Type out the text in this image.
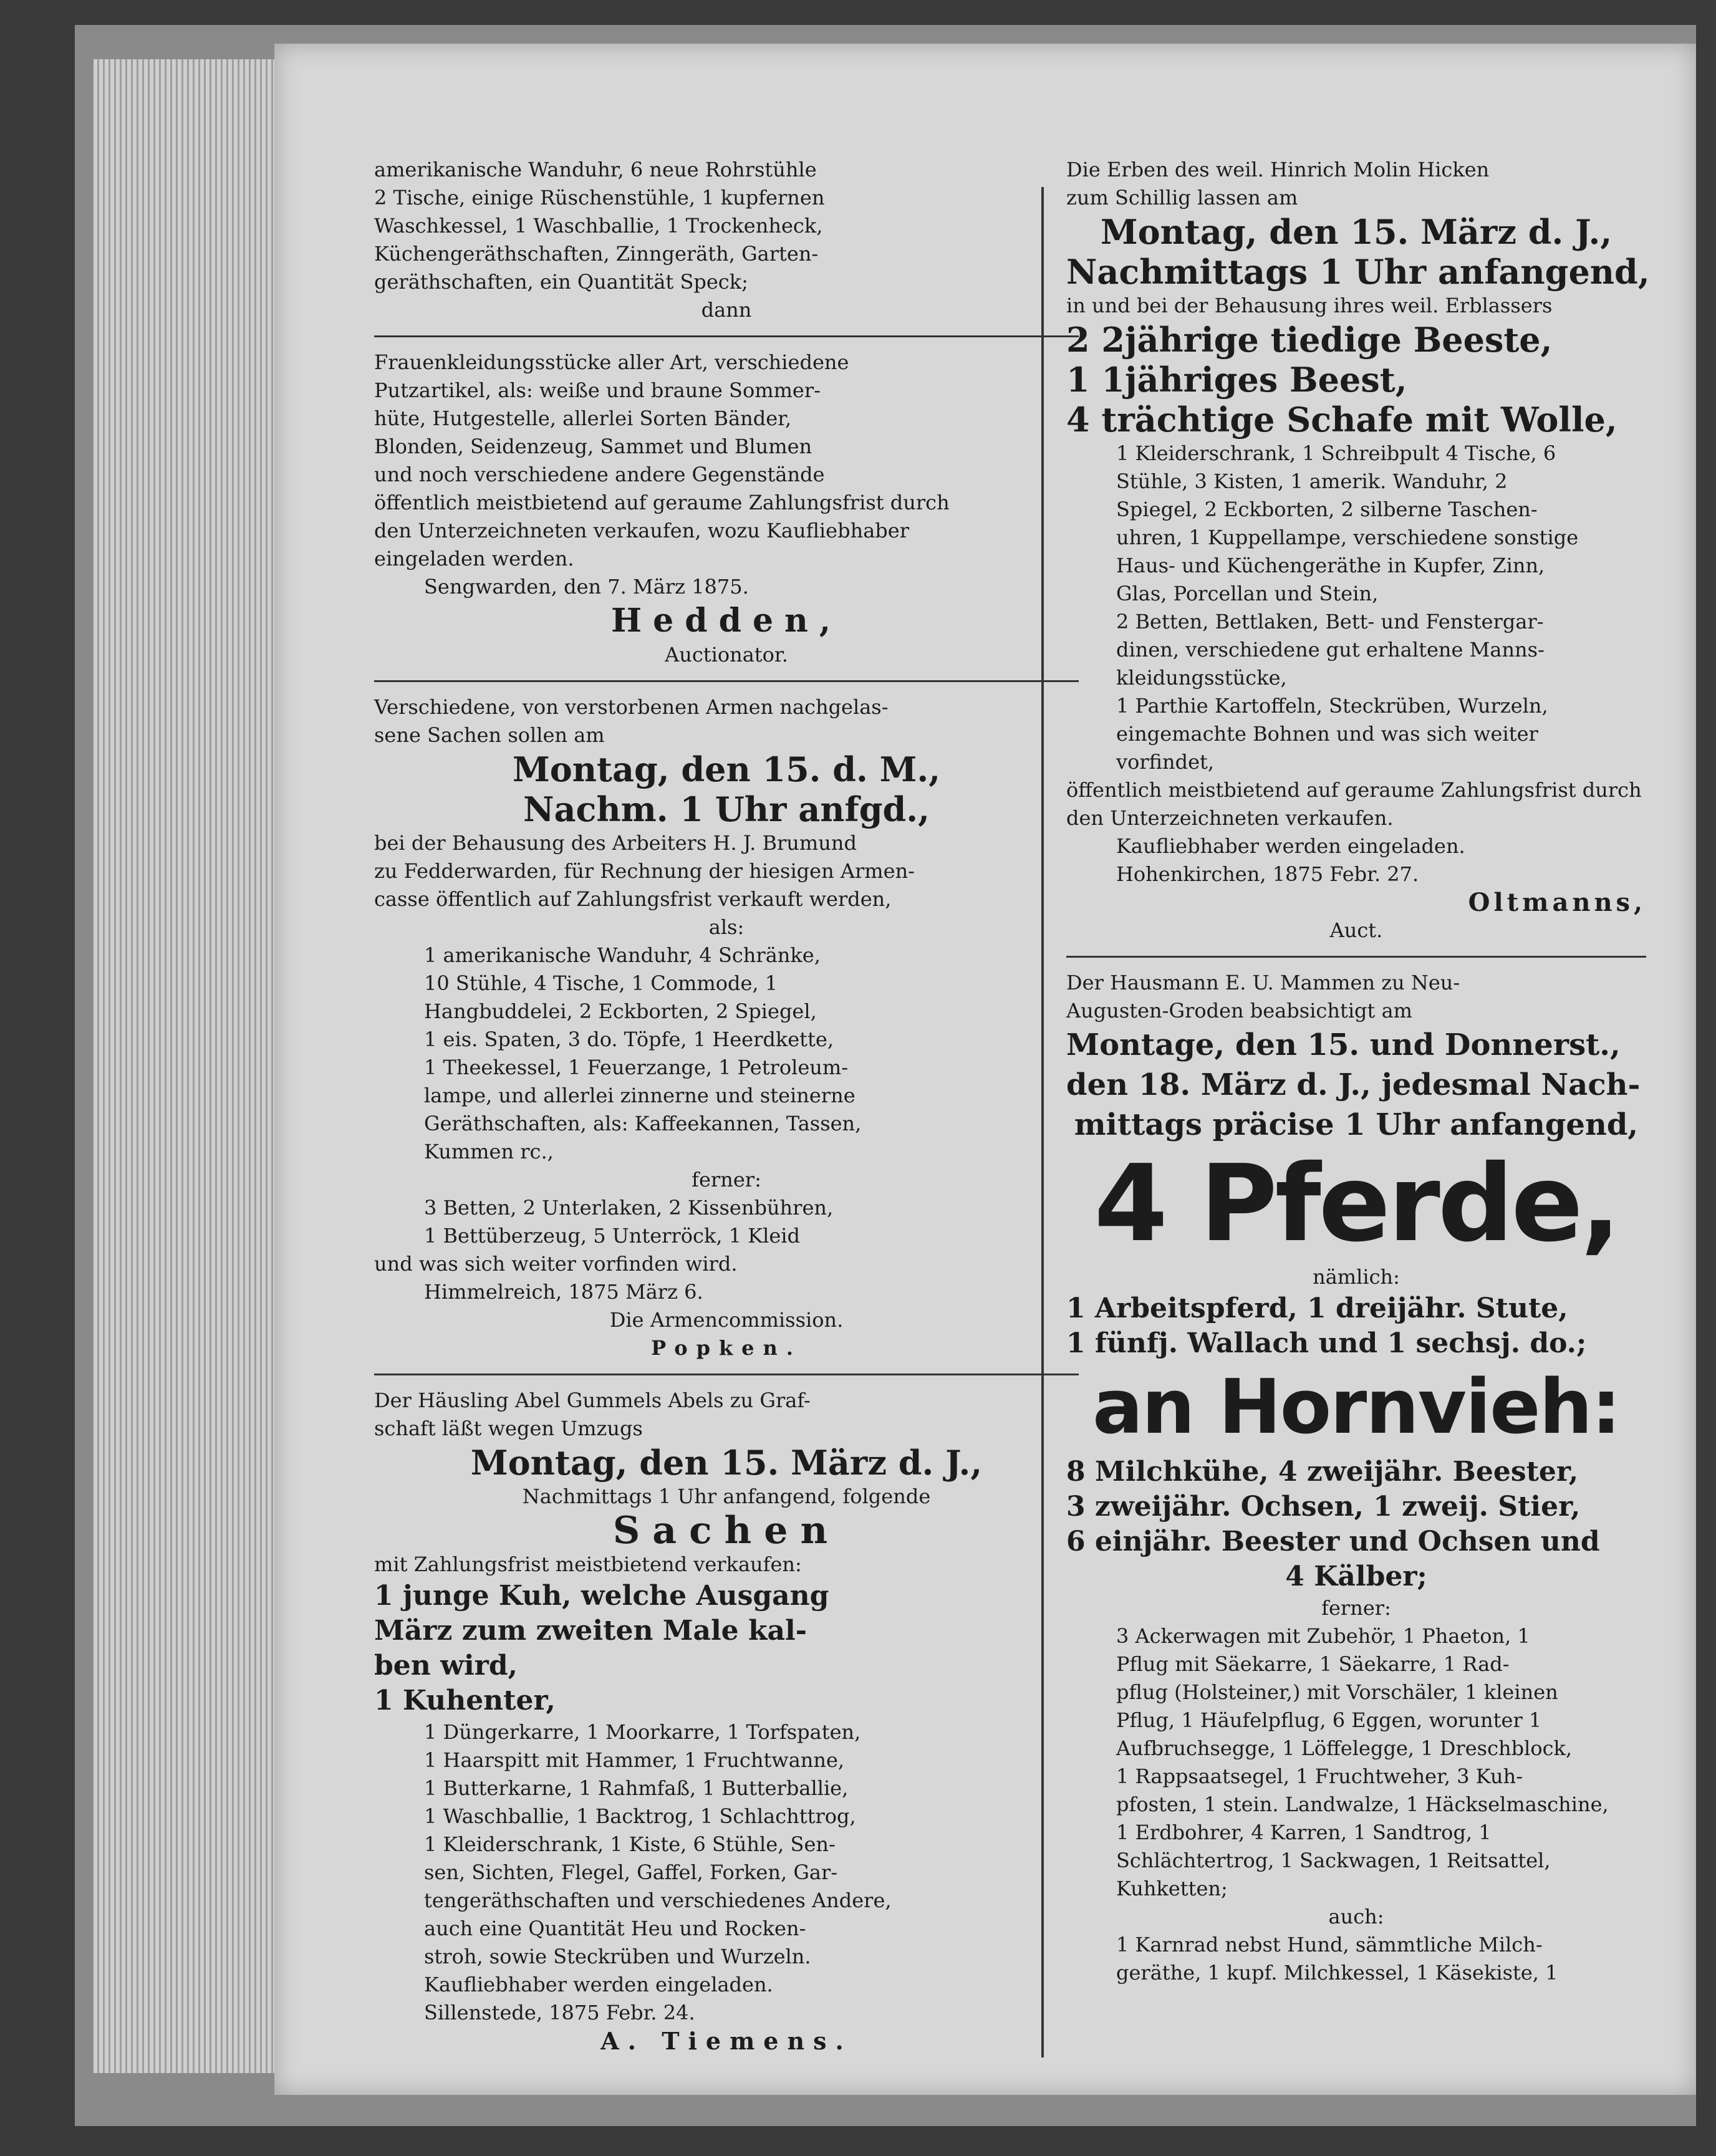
amerikanische Wanduhr, 6 neue Rohrstühle
2 Tische, einige Rüschenstühle, 1 kupfernen
Waschkessel, 1 Waschballie, 1 Trockenheck,
Küchengeräthschaften, Zinngeräth, Garten-
geräthschaften, ein Quantität Speck;
dann
Frauenkleidungsstücke aller Art, verschiedene
Putzartikel, als: weiße und braune Sommer-
hüte, Hutgestelle, allerlei Sorten Bänder,
Blonden, Seidenzeug, Sammet und Blumen
und noch verschiedene andere Gegenstände
öffentlich meistbietend auf geraume Zahlungsfrist durch
den Unterzeichneten verkaufen, wozu Kaufliebhaber
eingeladen werden.
Sengwarden, den 7. März 1875.
Hedden,
Auctionator.
Verschiedene, von verstorbenen Armen nachgelas-
sene Sachen sollen am
Montag, den 15. d. M.,
Nachm. 1 Uhr anfgd.,
bei der Behausung des Arbeiters H. J. Brumund
zu Fedderwarden, für Rechnung der hiesigen Armen-
casse öffentlich auf Zahlungsfrist verkauft werden,
als:
1 amerikanische Wanduhr, 4 Schränke,
10 Stühle, 4 Tische, 1 Commode, 1
Hangbuddelei, 2 Eckborten, 2 Spiegel,
1 eis. Spaten, 3 do. Töpfe, 1 Heerdkette,
1 Theekessel, 1 Feuerzange, 1 Petroleum-
lampe, und allerlei zinnerne und steinerne
Geräthschaften, als: Kaffeekannen, Tassen,
Kummen rc.,
ferner:
3 Betten, 2 Unterlaken, 2 Kissenbühren,
1 Bettüberzeug, 5 Unterröck, 1 Kleid
und was sich weiter vorfinden wird.
Himmelreich, 1875 März 6.
Die Armencommission.
Popken.
Der Häusling Abel Gummels Abels zu Graf-
schaft läßt wegen Umzugs
Montag, den 15. März d. J.,
Nachmittags 1 Uhr anfangend, folgende
Sachen
mit Zahlungsfrist meistbietend verkaufen:
1 junge Kuh, welche Ausgang
März zum zweiten Male kal-
ben wird,
1 Kuhenter,
1 Düngerkarre, 1 Moorkarre, 1 Torfspaten,
1 Haarspitt mit Hammer, 1 Fruchtwanne,
1 Butterkarne, 1 Rahmfaß, 1 Butterballie,
1 Waschballie, 1 Backtrog, 1 Schlachttrog,
1 Kleiderschrank, 1 Kiste, 6 Stühle, Sen-
sen, Sichten, Flegel, Gaffel, Forken, Gar-
tengeräthschaften und verschiedenes Andere,
auch eine Quantität Heu und Rocken-
stroh, sowie Steckrüben und Wurzeln.
Kaufliebhaber werden eingeladen.
Sillenstede, 1875 Febr. 24.
A. Tiemens.
Die Erben des weil. Hinrich Molin Hicken
zum Schillig lassen am
Montag, den 15. März d. J.,
Nachmittags 1 Uhr anfangend,
in und bei der Behausung ihres weil. Erblassers
2 2jährige tiedige Beeste,
1 1jähriges Beest,
4 trächtige Schafe mit Wolle,
1 Kleiderschrank, 1 Schreibpult 4 Tische, 6
Stühle, 3 Kisten, 1 amerik. Wanduhr, 2
Spiegel, 2 Eckborten, 2 silberne Taschen-
uhren, 1 Kuppellampe, verschiedene sonstige
Haus- und Küchengeräthe in Kupfer, Zinn,
Glas, Porcellan und Stein,
2 Betten, Bettlaken, Bett- und Fenstergar-
dinen, verschiedene gut erhaltene Manns-
kleidungsstücke,
1 Parthie Kartoffeln, Steckrüben, Wurzeln,
eingemachte Bohnen und was sich weiter
vorfindet,
öffentlich meistbietend auf geraume Zahlungsfrist durch
den Unterzeichneten verkaufen.
Kaufliebhaber werden eingeladen.
Hohenkirchen, 1875 Febr. 27.
Oltmanns,
Auct.
Der Hausmann E. U. Mammen zu Neu-
Augusten-Groden beabsichtigt am
Montage, den 15. und Donnerst.,
den 18. März d. J., jedesmal Nach-
mittags präcise 1 Uhr anfangend,
4 Pferde,
nämlich:
1 Arbeitspferd, 1 dreijähr. Stute,
1 fünfj. Wallach und 1 sechsj. do.;
an Hornvieh:
8 Milchkühe, 4 zweijähr. Beester,
3 zweijähr. Ochsen, 1 zweij. Stier,
6 einjähr. Beester und Ochsen und
4 Kälber;
ferner:
3 Ackerwagen mit Zubehör, 1 Phaeton, 1
Pflug mit Säekarre, 1 Säekarre, 1 Rad-
pflug (Holsteiner,) mit Vorschäler, 1 kleinen
Pflug, 1 Häufelpflug, 6 Eggen, worunter 1
Aufbruchsegge, 1 Löffelegge, 1 Dreschblock,
1 Rappsaatsegel, 1 Fruchtweher, 3 Kuh-
pfosten, 1 stein. Landwalze, 1 Häckselmaschine,
1 Erdbohrer, 4 Karren, 1 Sandtrog, 1
Schlächtertrog, 1 Sackwagen, 1 Reitsattel,
Kuhketten;
auch:
1 Karnrad nebst Hund, sämmtliche Milch-
geräthe, 1 kupf. Milchkessel, 1 Käsekiste, 1
